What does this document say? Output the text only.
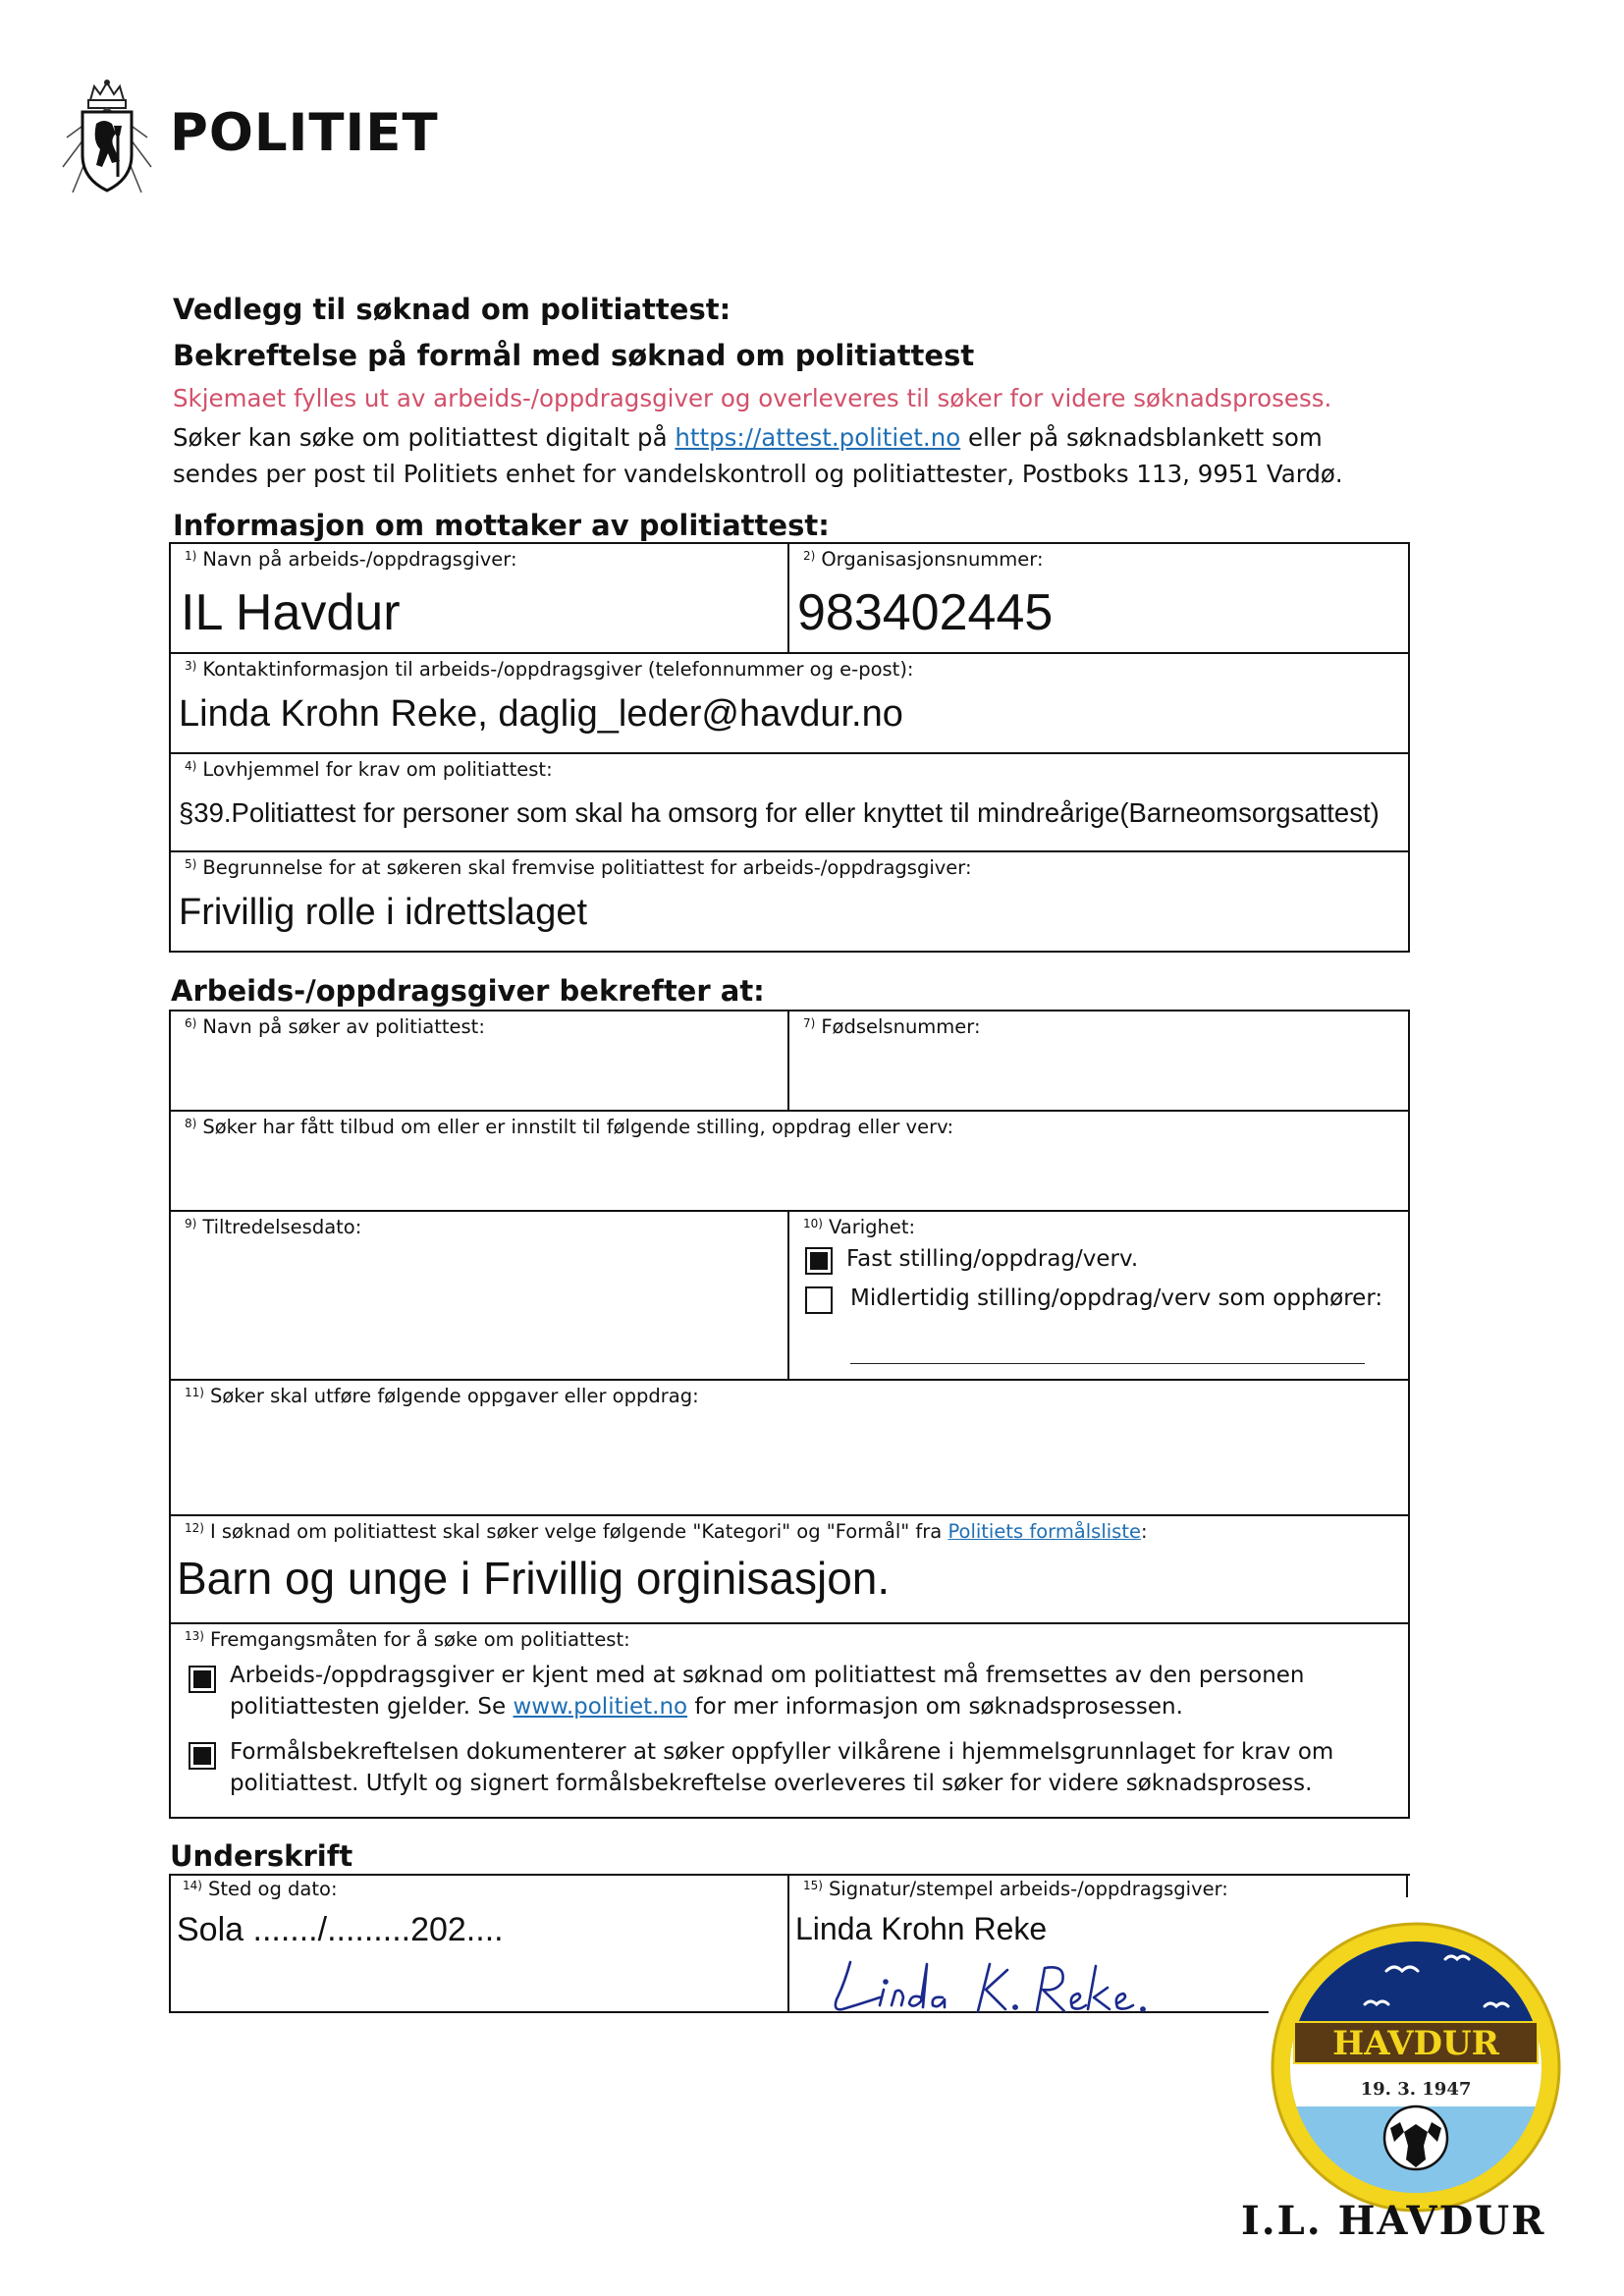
POLITIET
Vedlegg til søknad om politiattest:
Bekreftelse på formål med søknad om politiattest
Skjemaet fylles ut av arbeids-/oppdragsgiver og overleveres til søker for videre søknadsprosess.
Søker kan søke om politiattest digitalt på https://attest.politiet.no eller på søknadsblankett som
sendes per post til Politiets enhet for vandelskontroll og politiattester, Postboks 113, 9951 Vardø.
Informasjon om mottaker av politiattest:
$^{1)}$ Navn på arbeids-/oppdragsgiver:
IL Havdur
$^{2)}$ Organisasjonsnummer:
983402445
$^{3)}$ Kontaktinformasjon til arbeids-/oppdragsgiver (telefonnummer og e-post):
Linda Krohn Reke, daglig_leder@havdur.no
$^{4)}$ Lovhjemmel for krav om politiattest:
§39.Politiattest for personer som skal ha omsorg for eller knyttet til mindreårige(Barneomsorgsattest)
$^{5)}$ Begrunnelse for at søkeren skal fremvise politiattest for arbeids-/oppdragsgiver:
Frivillig rolle i idrettslaget
Arbeids-/oppdragsgiver bekrefter at:
$^{6)}$ Navn på søker av politiattest:	$^{7)}$ Fødselsnummer:
$^{8)}$ Søker har fått tilbud om eller er innstilt til følgende stilling, oppdrag eller verv:
$^{9)}$ Tiltredelsesdato:	$^{10)}$ Varighet:
Fast stilling/oppdrag/verv.
Midlertidig stilling/oppdrag/verv som opphører:
$^{11)}$ Søker skal utføre følgende oppgaver eller oppdrag:
$^{12)}$ I søknad om politiattest skal søker velge følgende "Kategori" og "Formål" fra Politiets formålsliste:
Barn og unge i Frivillig orginisasjon.
$^{13)}$ Fremgangsmåten for å søke om politiattest:
Arbeids-/oppdragsgiver er kjent med at søknad om politiattest må fremsettes av den personen
politiattesten gjelder. Se www.politiet.no for mer informasjon om søknadsprosessen.
Formålsbekreftelsen dokumenterer at søker oppfyller vilkårene i hjemmelsgrunnlaget for krav om
politiattest. Utfylt og signert formålsbekreftelse overleveres til søker for videre søknadsprosess.
Underskrift
$^{14)}$ Sted og dato:
Sola ......./.........202....
$^{15)}$ Signatur/stempel arbeids-/oppdragsgiver:
Linda Krohn Reke
HAVDUR
19. 3. 1947
I.L. HAVDUR
